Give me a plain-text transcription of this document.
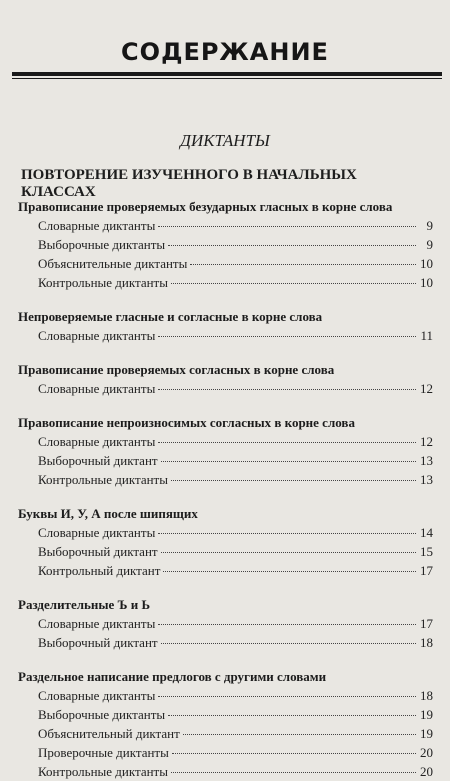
СОДЕРЖАНИЕ
ДИКТАНТЫ
ПОВТОРЕНИЕ ИЗУЧЕННОГО В НАЧАЛЬНЫХ КЛАССАХ
Правописание проверяемых безударных гласных в корне слова
Словарные диктанты	9
Выборочные диктанты	9
Объяснительные диктанты	10
Контрольные диктанты	10
Непроверяемые гласные и согласные в корне слова
Словарные диктанты	11
Правописание проверяемых согласных в корне слова
Словарные диктанты	12
Правописание непроизносимых согласных в корне слова
Словарные диктанты	12
Выборочный диктант	13
Контрольные диктанты	13
Буквы И, У, А после шипящих
Словарные диктанты	14
Выборочный диктант	15
Контрольный диктант	17
Разделительные Ъ и Ь
Словарные диктанты	17
Выборочный диктант	18
Раздельное написание предлогов с другими словами
Словарные диктанты	18
Выборочные диктанты	19
Объяснительный диктант	19
Проверочные диктанты	20
Контрольные диктанты	20
